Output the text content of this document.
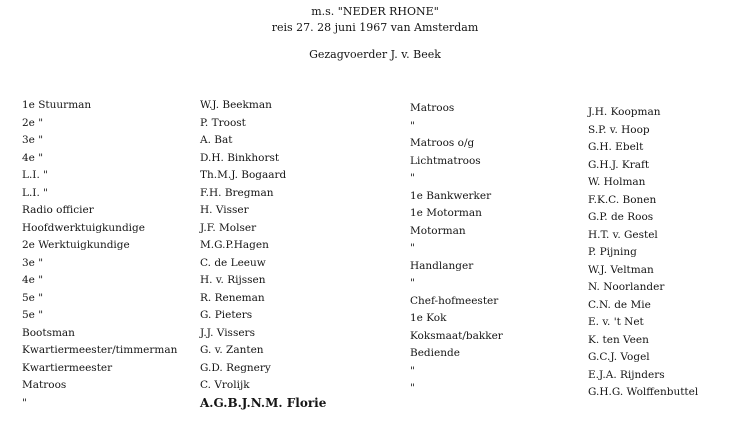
m.s. "NEDER RHONE"
reis 27. 28 juni 1967 van Amsterdam
Gezagvoerder J. v. Beek
1e Stuurman
2e "
3e "
4e "
L.I. "
L.I. "
Radio officier
Hoofdwerktuigkundige
2e Werktuigkundige
3e "
4e "
5e "
5e "
Bootsman
Kwartiermeester/timmerman
Kwartiermeester
Matroos
"
W.J. Beekman
P. Troost
A. Bat
D.H. Binkhorst
Th.M.J. Bogaard
F.H. Bregman
H. Visser
J.F. Molser
M.G.P.Hagen
C. de Leeuw
H. v. Rijssen
R. Reneman
G. Pieters
J.J. Vissers
G. v. Zanten
G.D. Regnery
C. Vrolijk
A.G.B.J.N.M. Florie
Matroos
"
Matroos o/g
Lichtmatroos
"
1e Bankwerker
1e Motorman
Motorman
"
Handlanger
"
Chef-hofmeester
1e Kok
Koksmaat/bakker
Bediende
"
"
J.H. Koopman
S.P. v. Hoop
G.H. Ebelt
G.H.J. Kraft
W. Holman
F.K.C. Bonen
G.P. de Roos
H.T. v. Gestel
P. Pijning
W.J. Veltman
N. Noorlander
C.N. de Mie
E. v. 't Net
K. ten Veen
G.C.J. Vogel
E.J.A. Rijnders
G.H.G. Wolffenbuttel
